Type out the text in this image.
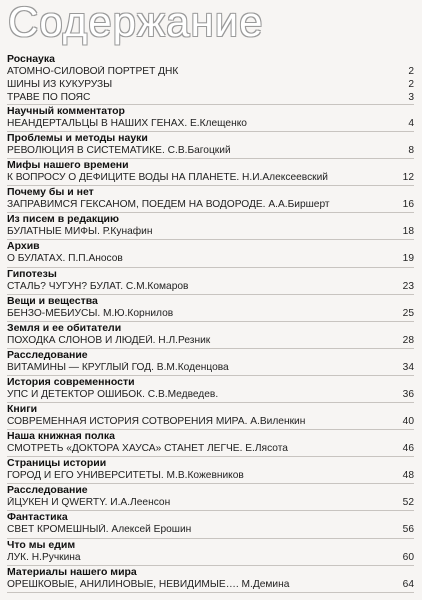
Содержание
Роснаука
АТОМНО-СИЛОВОЙ ПОРТРЕТ ДНК	2
ШИНЫ ИЗ КУКУРУЗЫ	2
ТРАВЕ ПО ПОЯС	3
Научный комментатор
НЕАНДЕРТАЛЬЦЫ В НАШИХ ГЕНАХ. Е.Клещенко	4
Проблемы и методы науки
РЕВОЛЮЦИЯ В СИСТЕМАТИКЕ. С.В.Багоцкий	8
Мифы нашего времени
К ВОПРОСУ О ДЕФИЦИТЕ ВОДЫ НА ПЛАНЕТЕ. Н.И.Алексеевский	12
Почему бы и нет
ЗАПРАВИМСЯ ГЕКСАНОМ, ПОЕДЕМ НА ВОДОРОДЕ. А.А.Биршерт	16
Из писем в редакцию
БУЛАТНЫЕ МИФЫ. Р.Кунафин	18
Архив
О БУЛАТАХ. П.П.Аносов	19
Гипотезы
СТАЛЬ? ЧУГУН? БУЛАТ. С.М.Комаров	23
Вещи и вещества
БЕНЗО-МЁБИУСЫ. М.Ю.Корнилов	25
Земля и ее обитатели
ПОХОДКА СЛОНОВ И ЛЮДЕЙ. Н.Л.Резник	28
Расследование
ВИТАМИНЫ — КРУГЛЫЙ ГОД. В.М.Коденцова	34
История современности
УПС И ДЕТЕКТОР ОШИБОК. С.В.Медведев.	36
Книги
СОВРЕМЕННАЯ ИСТОРИЯ СОТВОРЕНИЯ МИРА. А.Виленкин	40
Наша книжная полка
СМОТРЕТЬ «ДОКТОРА ХАУСА» СТАНЕТ ЛЕГЧЕ. Е.Лясота	46
Страницы истории
ГОРОД И ЕГО УНИВЕРСИТЕТЫ. М.В.Кожевников	48
Расследование
ЙЦУКЕН И QWERTY. И.А.Леенсон	52
Фантастика
СВЕТ КРОМЕШНЫЙ. Алексей Ерошин	56
Что мы едим
ЛУК. Н.Ручкина	60
Материалы нашего мира
ОРЕШКОВЫЕ, АНИЛИНОВЫЕ, НЕВИДИМЫЕ…. М.Демина	64
